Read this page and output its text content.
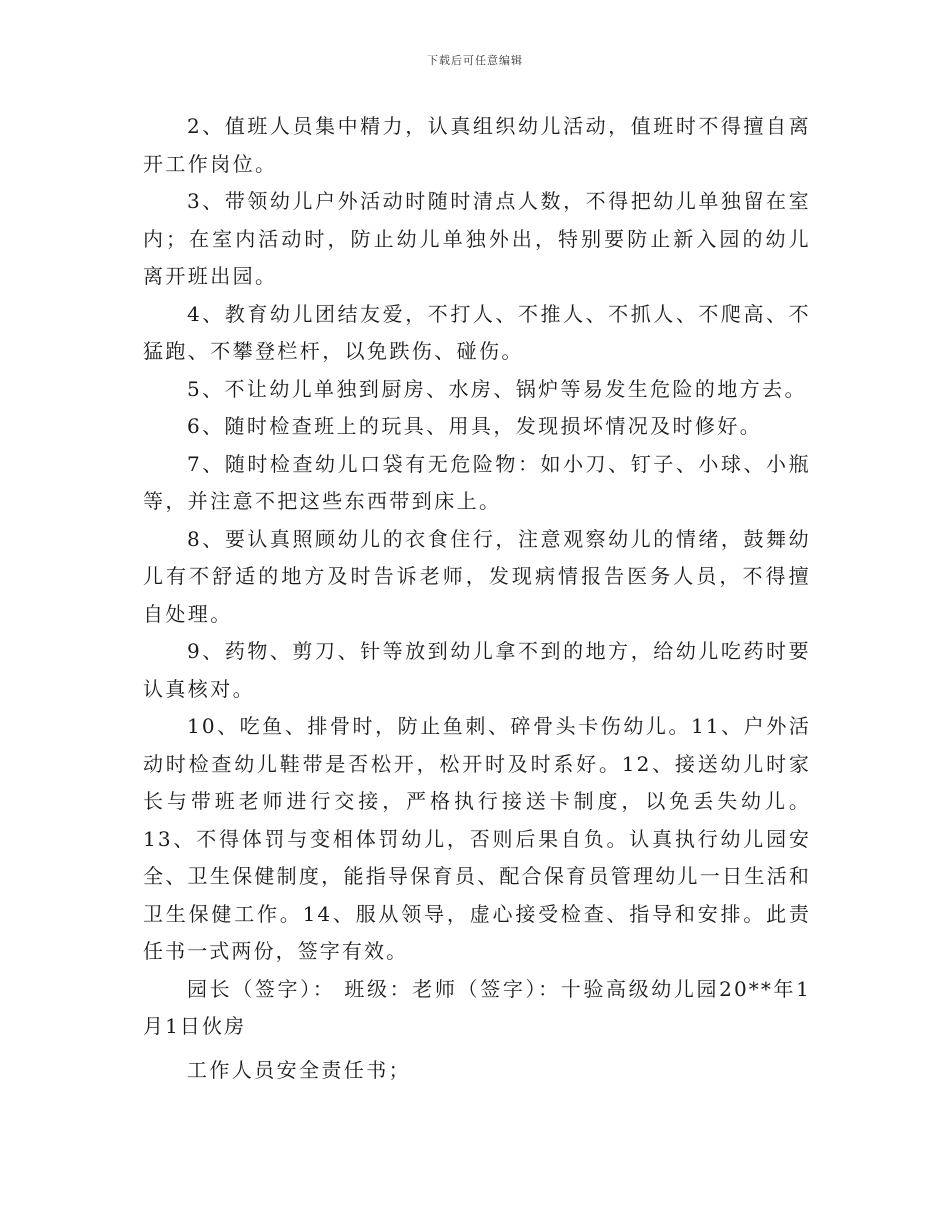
下载后可任意编辑

2、值班人员集中精力，认真组织幼儿活动，值班时不得擅自离开工作岗位。

3、带领幼儿户外活动时随时清点人数，不得把幼儿单独留在室内；在室内活动时，防止幼儿单独外出，特别要防止新入园的幼儿离开班出园。

4、教育幼儿团结友爱，不打人、不推人、不抓人、不爬高、不猛跑、不攀登栏杆，以免跌伤、碰伤。

5、不让幼儿单独到厨房、水房、锅炉等易发生危险的地方去。

6、随时检查班上的玩具、用具，发现损坏情况及时修好。

7、随时检查幼儿口袋有无危险物：如小刀、钉子、小球、小瓶等，并注意不把这些东西带到床上。

8、要认真照顾幼儿的衣食住行，注意观察幼儿的情绪，鼓舞幼儿有不舒适的地方及时告诉老师，发现病情报告医务人员，不得擅自处理。

9、药物、剪刀、针等放到幼儿拿不到的地方，给幼儿吃药时要认真核对。

10、吃鱼、排骨时，防止鱼刺、碎骨头卡伤幼儿。11、户外活动时检查幼儿鞋带是否松开，松开时及时系好。12、接送幼儿时家长与带班老师进行交接，严格执行接送卡制度，以免丢失幼儿。13、不得体罚与变相体罚幼儿，否则后果自负。认真执行幼儿园安全、卫生保健制度，能指导保育员、配合保育员管理幼儿一日生活和卫生保健工作。14、服从领导，虚心接受检查、指导和安排。此责任书一式两份，签字有效。

园长（签字）： 班级：老师（签字）：十验高级幼儿园20**年1月1日伙房

工作人员安全责任书；
